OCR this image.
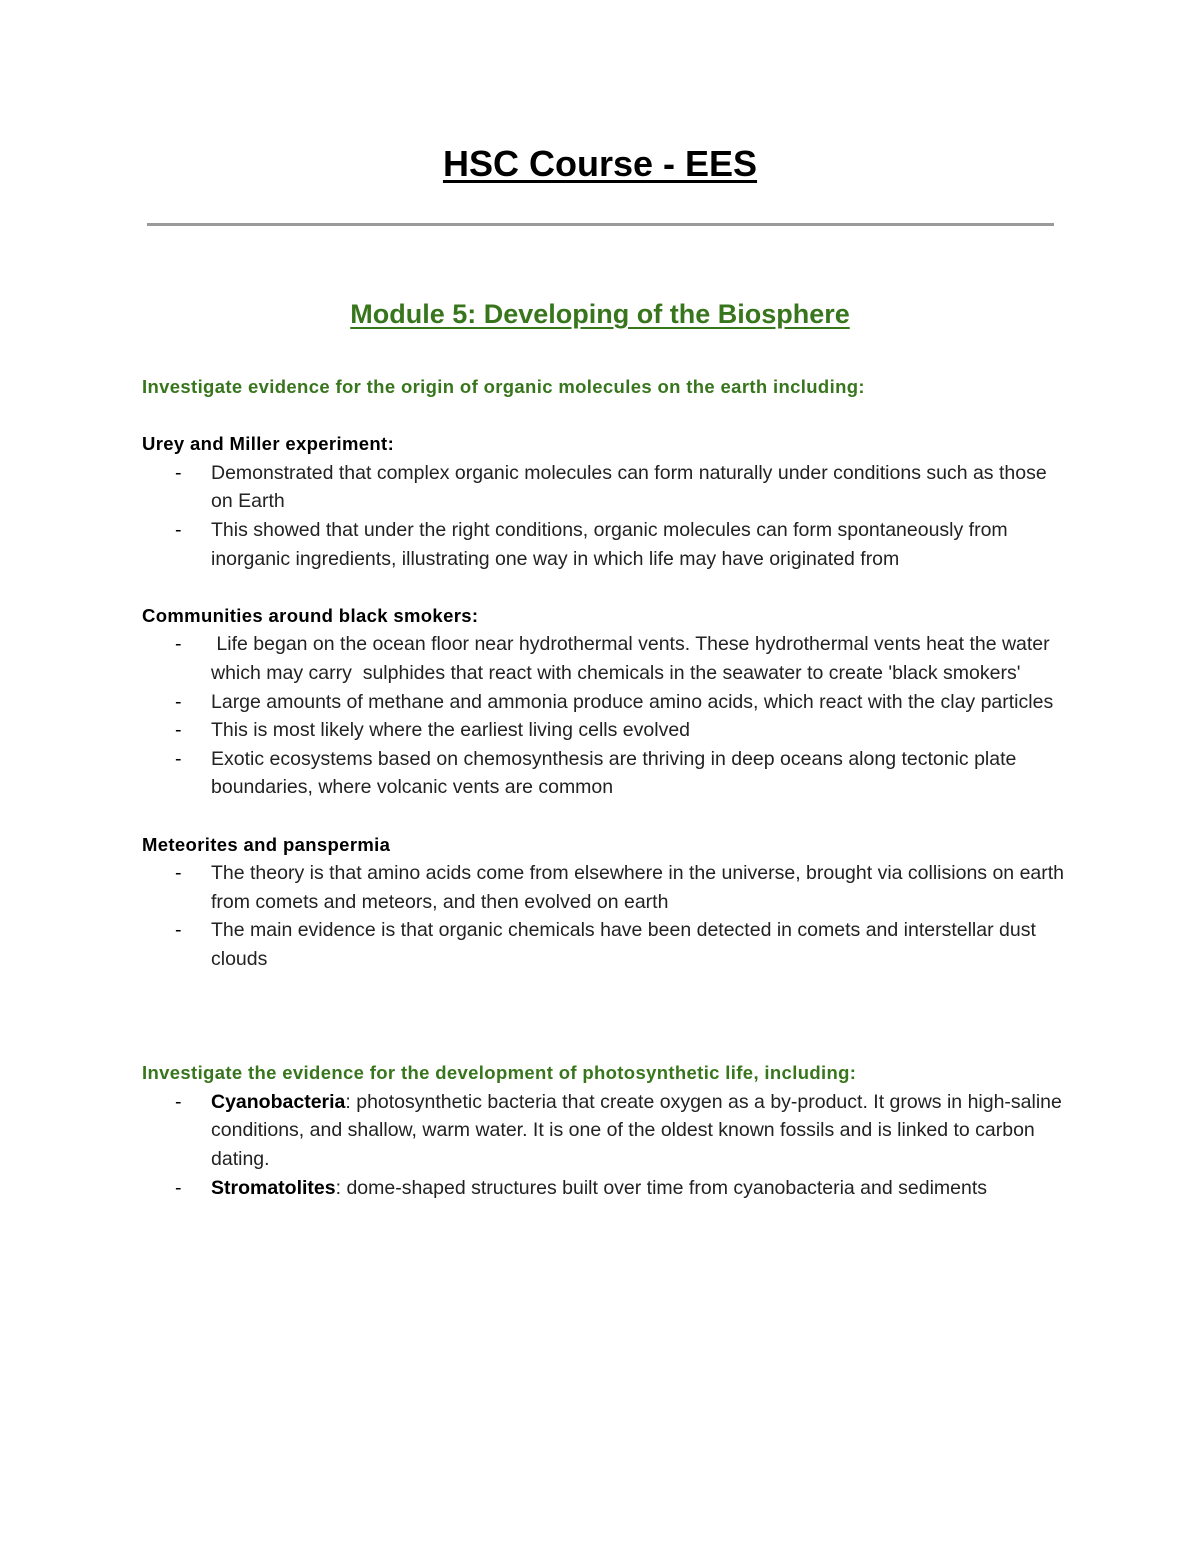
HSC Course - EES
Module 5: Developing of the Biosphere

Investigate evidence for the origin of organic molecules on the earth including:

Urey and Miller experiment:

- Demonstrated that complex organic molecules can form naturally under conditions such as those on Earth
- This showed that under the right conditions, organic molecules can form spontaneously from inorganic ingredients, illustrating one way in which life may have originated from

Communities around black smokers:

- Life began on the ocean floor near hydrothermal vents. These hydrothermal vents heat the water which may carry  sulphides that react with chemicals in the seawater to create 'black smokers'
- Large amounts of methane and ammonia produce amino acids, which react with the clay particles
- This is most likely where the earliest living cells evolved
- Exotic ecosystems based on chemosynthesis are thriving in deep oceans along tectonic plate boundaries, where volcanic vents are common

Meteorites and panspermia

- The theory is that amino acids come from elsewhere in the universe, brought via collisions on earth from comets and meteors, and then evolved on earth
- The main evidence is that organic chemicals have been detected in comets and interstellar dust clouds

Investigate the evidence for the development of photosynthetic life, including:

- Cyanobacteria: photosynthetic bacteria that create oxygen as a by-product. It grows in high-saline conditions, and shallow, warm water. It is one of the oldest known fossils and is linked to carbon dating.
- Stromatolites: dome-shaped structures built over time from cyanobacteria and sediments
